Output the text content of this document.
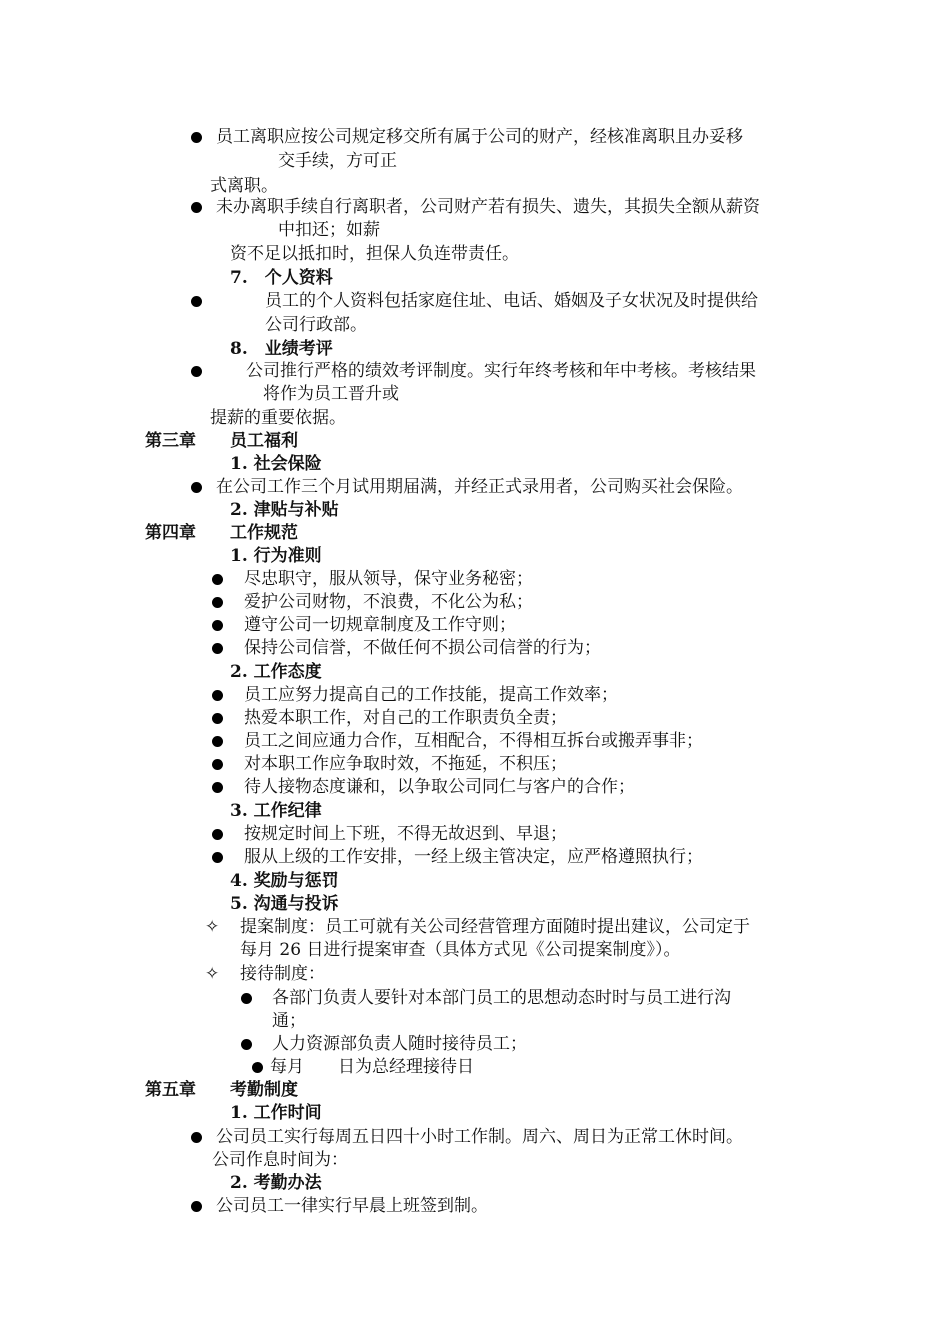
员工离职应按公司规定移交所有属于公司的财产，经核准离职且办妥移
交手续，方可正
式离职。
未办离职手续自行离职者，公司财产若有损失、遗失，其损失全额从薪资
中扣还；如薪
资不足以抵扣时，担保人负连带责任。
7.　个人资料
员工的个人资料包括家庭住址、电话、婚姻及子女状况及时提供给
公司行政部。
8.　业绩考评
公司推行严格的绩效考评制度。实行年终考核和年中考核。考核结果
将作为员工晋升或
提薪的重要依据。
第三章 员工福利
1. 社会保险
在公司工作三个月试用期届满，并经正式录用者，公司购买社会保险。
2. 津贴与补贴
第四章 工作规范
1. 行为准则
尽忠职守，服从领导，保守业务秘密；
爱护公司财物，不浪费，不化公为私；
遵守公司一切规章制度及工作守则；
保持公司信誉，不做任何不损公司信誉的行为；
2. 工作态度
员工应努力提高自己的工作技能，提高工作效率；
热爱本职工作，对自己的工作职责负全责；
员工之间应通力合作，互相配合，不得相互拆台或搬弄事非；
对本职工作应争取时效，不拖延，不积压；
待人接物态度谦和，以争取公司同仁与客户的合作；
3. 工作纪律
按规定时间上下班，不得无故迟到、早退；
服从上级的工作安排，一经上级主管决定，应严格遵照执行；
4. 奖励与惩罚
5. 沟通与投诉
✧ 提案制度：员工可就有关公司经营管理方面随时提出建议，公司定于
每月 26 日进行提案审查（具体方式见《公司提案制度》）。
✧ 接待制度：
各部门负责人要针对本部门员工的思想动态时时与员工进行沟
通；
人力资源部负责人随时接待员工；
每月　　日为总经理接待日
第五章 考勤制度
1. 工作时间
公司员工实行每周五日四十小时工作制。周六、周日为正常工休时间。
公司作息时间为：
2. 考勤办法
公司员工一律实行早晨上班签到制。
